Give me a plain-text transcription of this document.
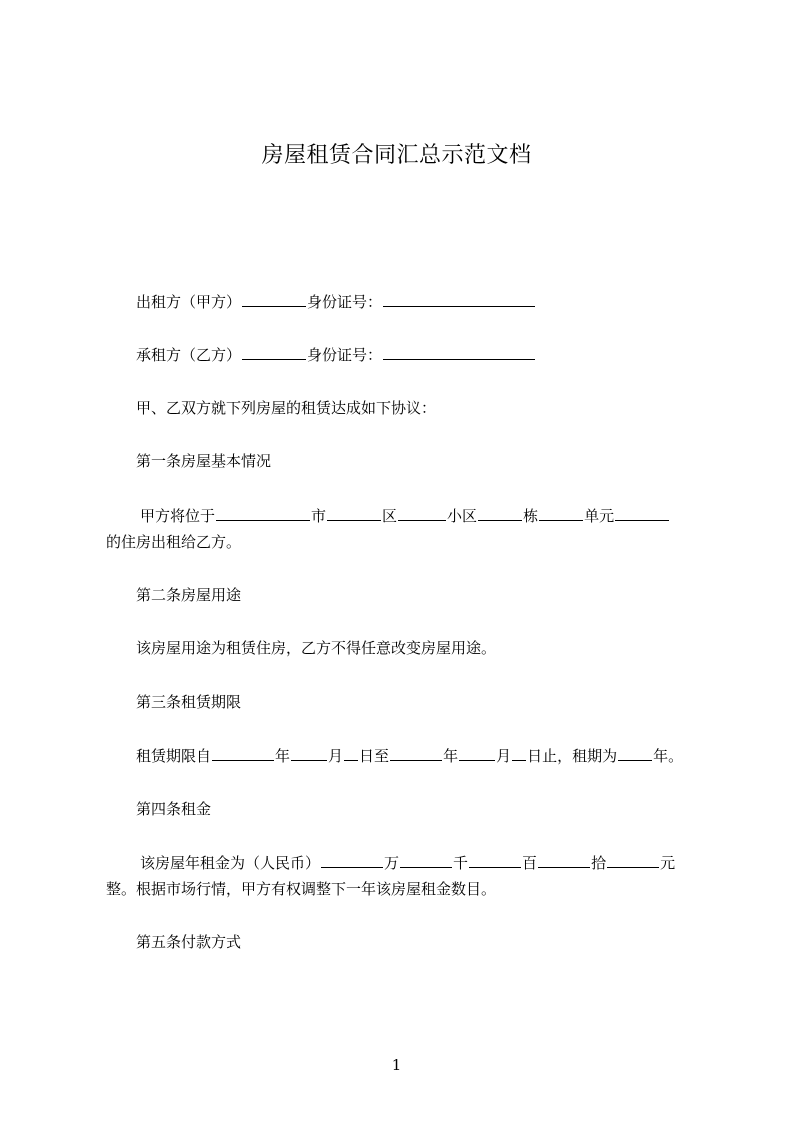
房屋租赁合同汇总示范文档
出租方（甲方）	身份证号：
承租方（乙方）	身份证号：
甲、乙双方就下列房屋的租赁达成如下协议：
第一条房屋基本情况
甲方将位于	市	区	小区	栋	单元
的住房出租给乙方。
第二条房屋用途
该房屋用途为租赁住房，乙方不得任意改变房屋用途。
第三条租赁期限
租赁期限自	年	月 日至	年	月 日止，租期为 年。
第四条租金
该房屋年租金为（人民币）	万	千	百	拾	元
整。根据市场行情，甲方有权调整下一年该房屋租金数目。
第五条付款方式
1
